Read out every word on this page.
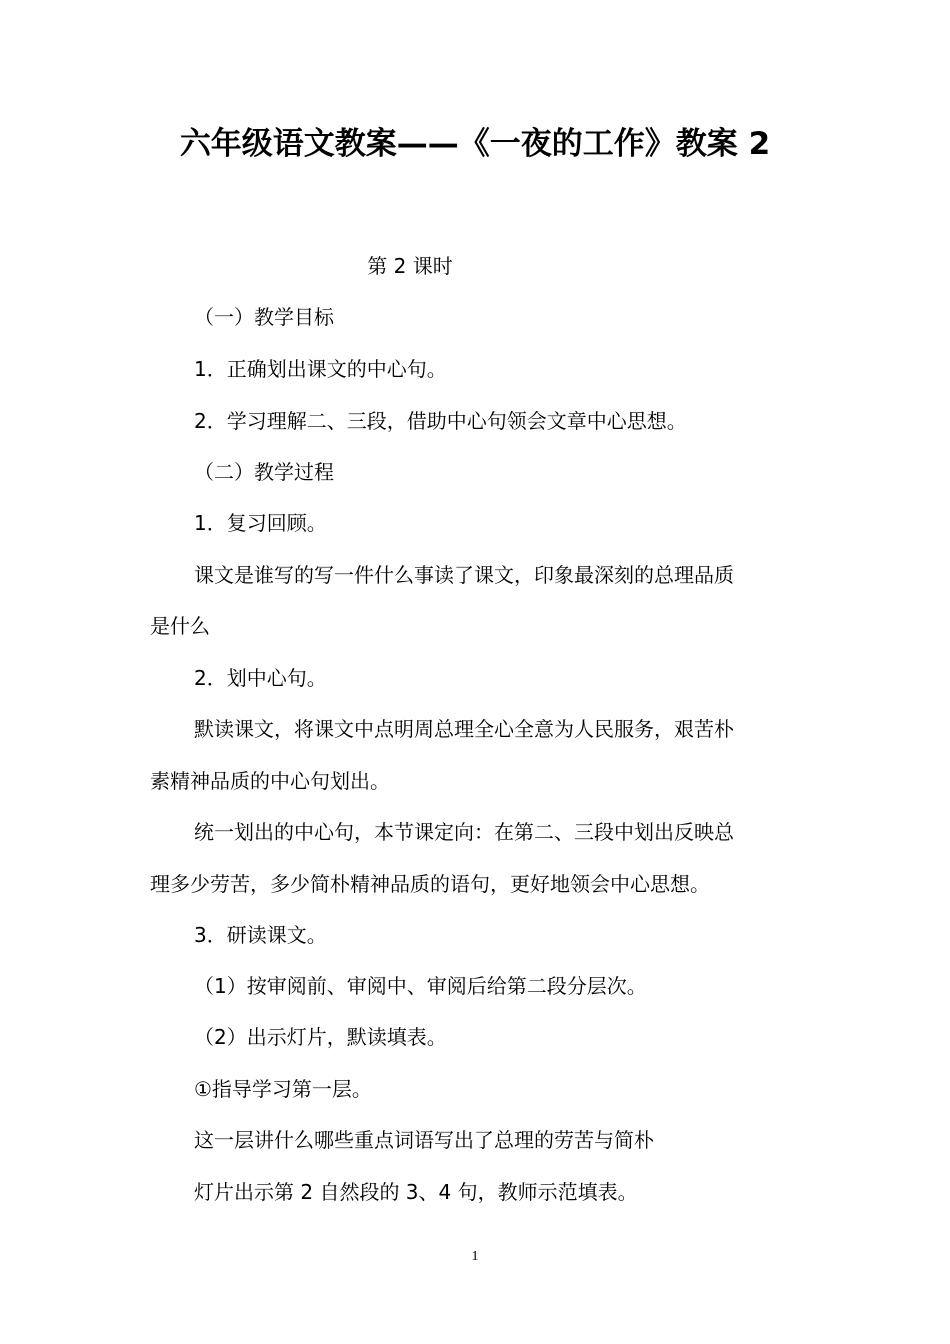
六年级语文教案——《一夜的工作》教案 2
第 2 课时

（一）教学目标

1．正确划出课文的中心句。

2．学习理解二、三段，借助中心句领会文章中心思想。

（二）教学过程

1．复习回顾。

课文是谁写的写一件什么事读了课文，印象最深刻的总理品质

是什么

2．划中心句。

默读课文，将课文中点明周总理全心全意为人民服务，艰苦朴

素精神品质的中心句划出。

统一划出的中心句，本节课定向：在第二、三段中划出反映总

理多少劳苦，多少简朴精神品质的语句，更好地领会中心思想。

3．研读课文。

（1）按审阅前、审阅中、审阅后给第二段分层次。

（2）出示灯片，默读填表。

①指导学习第一层。

这一层讲什么哪些重点词语写出了总理的劳苦与简朴

灯片出示第 2 自然段的 3、4 句，教师示范填表。

1
